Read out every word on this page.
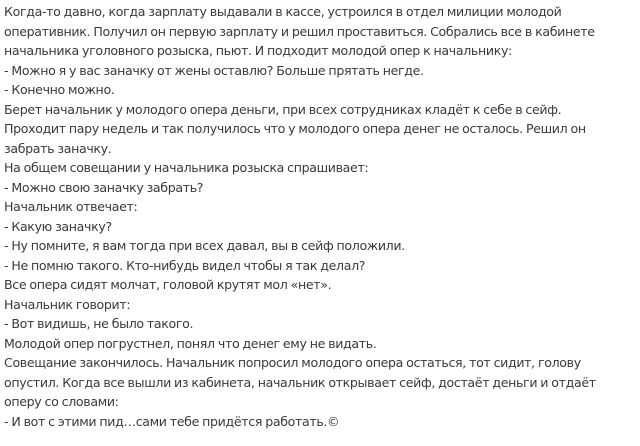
Когда-то давно, когда зарплату выдавали в кассе, устроился в отдел милиции молодой
оперативник. Получил он первую зарплату и решил проставиться. Собрались все в кабинете
начальника уголовного розыска, пьют. И подходит молодой опер к начальнику:
- Можно я у вас заначку от жены оставлю? Больше прятать негде.
- Конечно можно.
Берет начальник у молодого опера деньги, при всех сотрудниках кладёт к себе в сейф.
Проходит пару недель и так получилось что у молодого опера денег не осталось. Решил он
забрать заначку.
На общем совещании у начальника розыска спрашивает:
- Можно свою заначку забрать?
Начальник отвечает:
- Какую заначку?
- Ну помните, я вам тогда при всех давал, вы в сейф положили.
- Не помню такого. Кто-нибудь видел чтобы я так делал?
Все опера сидят молчат, головой крутят мол «нет».
Начальник говорит:
- Вот видишь, не было такого.
Молодой опер погрустнел, понял что денег ему не видать.
Совещание закончилось. Начальник попросил молодого опера остаться, тот сидит, голову
опустил. Когда все вышли из кабинета, начальник открывает сейф, достаёт деньги и отдаёт
оперу со словами:
- И вот с этими пид…сами тебе придётся работать.©
